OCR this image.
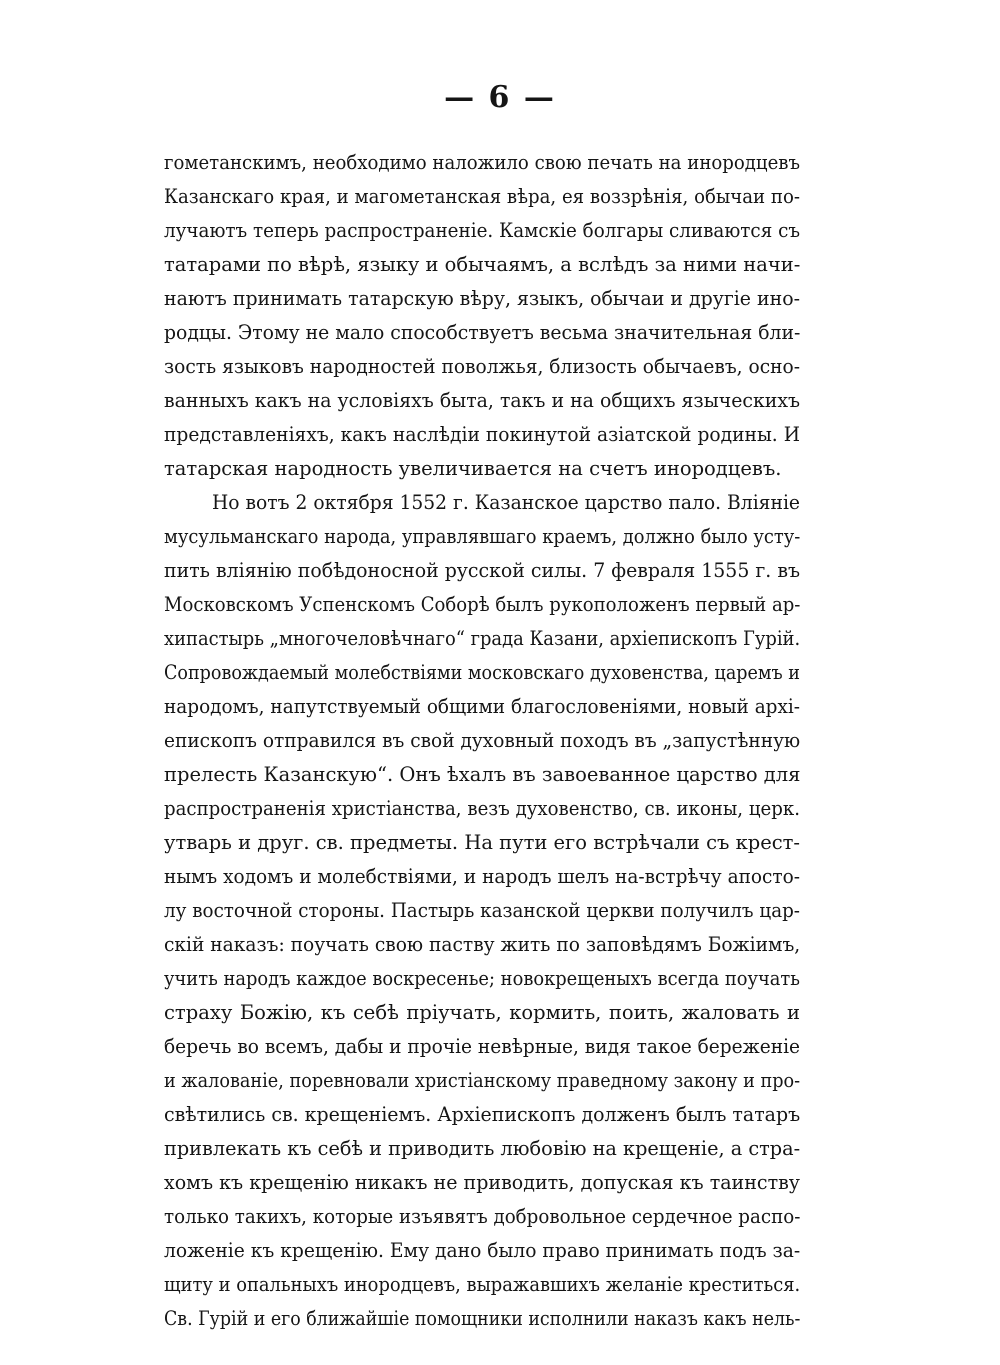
— 6 —
гометанскимъ, необходимо наложило свою печать на инородцевъ
Казанскаго края, и магометанская вѣра, ея воззрѣнія, обычаи по-
лучаютъ теперь распространеніе. Камскіе болгары сливаются съ
татарами по вѣрѣ, языку и обычаямъ, а вслѣдъ за ними начи-
наютъ принимать татарскую вѣру, языкъ, обычаи и другіе ино-
родцы. Этому не мало способствуетъ весьма значительная бли-
зость языковъ народностей поволжья, близость обычаевъ, осно-
ванныхъ какъ на условіяхъ быта, такъ и на общихъ языческихъ
представленіяхъ, какъ наслѣдіи покинутой азіатской родины. И
татарская народность увеличивается на счетъ инородцевъ.
Но вотъ 2 октября 1552 г. Казанское царство пало. Вліяніе
мусульманскаго народа, управлявшаго краемъ, должно было усту-
пить вліянію побѣдоносной русской силы. 7 февраля 1555 г. въ
Московскомъ Успенскомъ Соборѣ былъ рукоположенъ первый ар-
хипастырь „многочеловѣчнаго“ града Казани, архіепископъ Гурій.
Сопровождаемый молебствіями московскаго духовенства, царемъ и
народомъ, напутствуемый общими благословеніями, новый архі-
епископъ отправился въ свой духовный походъ въ „запустѣнную
прелесть Казанскую“. Онъ ѣхалъ въ завоеванное царство для
распространенія христіанства, везъ духовенство, св. иконы, церк.
утварь и друг. св. предметы. На пути его встрѣчали съ крест-
нымъ ходомъ и молебствіями, и народъ шелъ на-встрѣчу апосто-
лу восточной стороны. Пастырь казанской церкви получилъ цар-
скій наказъ: поучать свою паству жить по заповѣдямъ Божіимъ,
учить народъ каждое воскресенье; новокрещеныхъ всегда поучать
страху Божію, къ себѣ пріучать, кормить, поить, жаловать и
беречь во всемъ, дабы и прочіе невѣрные, видя такое береженіе
и жалованіе, поревновали христіанскому праведному закону и про-
свѣтились св. крещеніемъ. Архіепископъ долженъ былъ татаръ
привлекать къ себѣ и приводить любовію на крещеніе, а стра-
хомъ къ крещенію никакъ не приводить, допуская къ таинству
только такихъ, которые изъявятъ добровольное сердечное распо-
ложеніе къ крещенію. Ему дано было право принимать подъ за-
щиту и опальныхъ инородцевъ, выражавшихъ желаніе креститься.
Св. Гурій и его ближайшіе помощники исполнили наказъ какъ нель-
